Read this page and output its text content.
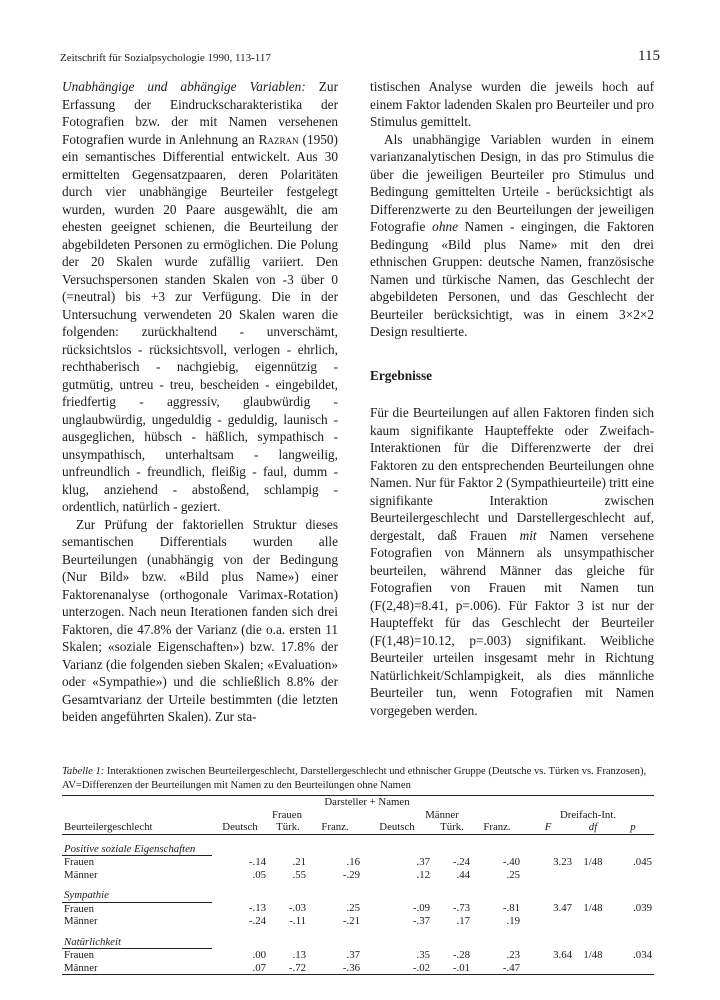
Zeitschrift für Sozialpsychologie 1990, 113-117	115

Unabhängige und abhängige Variablen: Zur Erfassung der Eindruckscharakteristika der Fotografien bzw. der mit Namen versehenen Fotografien wurde in Anlehnung an Razran (1950) ein semantisches Differential entwickelt. Aus 30 ermittelten Gegensatzpaaren, deren Polaritäten durch vier unabhängige Beurteiler festgelegt wurden, wurden 20 Paare ausgewählt, die am ehesten geeignet schienen, die Beurteilung der abgebildeten Personen zu ermöglichen. Die Polung der 20 Skalen wurde zufällig variiert. Den Versuchspersonen standen Skalen von -3 über 0 (=neutral) bis +3 zur Verfügung. Die in der Untersuchung verwendeten 20 Skalen waren die folgenden: zurückhaltend - unverschämt, rücksichtslos - rücksichtsvoll, verlogen - ehrlich, rechthaberisch - nachgiebig, eigennützig - gutmütig, untreu - treu, bescheiden - eingebildet, friedfertig - aggressiv, glaubwürdig - unglaubwürdig, ungeduldig - geduldig, launisch - ausgeglichen, hübsch - häßlich, sympathisch - unsympathisch, unterhaltsam - langweilig, unfreundlich - freundlich, fleißig - faul, dumm - klug, anziehend - abstoßend, schlampig - ordentlich, natürlich - geziert.

Zur Prüfung der faktoriellen Struktur dieses semantischen Differentials wurden alle Beurteilungen (unabhängig von der Bedingung (Nur Bild» bzw. «Bild plus Name») einer Faktorenanalyse (orthogonale Varimax-Rotation) unterzogen. Nach neun Iterationen fanden sich drei Faktoren, die 47.8% der Varianz (die o.a. ersten 11 Skalen; «soziale Eigenschaften») bzw. 17.8% der Varianz (die folgenden sieben Skalen; «Evaluation» oder «Sympathie») und die schließlich 8.8% der Gesamtvarianz der Urteile bestimmten (die letzten beiden angeführten Skalen). Zur sta-

tistischen Analyse wurden die jeweils hoch auf einem Faktor ladenden Skalen pro Beurteiler und pro Stimulus gemittelt.

Als unabhängige Variablen wurden in einem varianzanalytischen Design, in das pro Stimulus die über die jeweiligen Beurteiler pro Stimulus und Bedingung gemittelten Urteile - berücksichtigt als Differenzwerte zu den Beurteilungen der jeweiligen Fotografie ohne Namen - eingingen, die Faktoren Bedingung «Bild plus Name» mit den drei ethnischen Gruppen: deutsche Namen, französische Namen und türkische Namen, das Geschlecht der abgebildeten Personen, und das Geschlecht der Beurteiler berücksichtigt, was in einem 3×2×2 Design resultierte.

Ergebnisse

Für die Beurteilungen auf allen Faktoren finden sich kaum signifikante Haupteffekte oder Zweifach-Interaktionen für die Differenzwerte der drei Faktoren zu den entsprechenden Beurteilungen ohne Namen. Nur für Faktor 2 (Sympathieurteile) tritt eine signifikante Interaktion zwischen Beurteilergeschlecht und Darstellergeschlecht auf, dergestalt, daß Frauen mit Namen versehene Fotografien von Männern als unsympathischer beurteilen, während Männer das gleiche für Fotografien von Frauen mit Namen tun (F(2,48)=8.41, p=.006). Für Faktor 3 ist nur der Haupteffekt für das Geschlecht der Beurteiler (F(1,48)=10.12, p=.003) signifikant. Weibliche Beurteiler urteilen insgesamt mehr in Richtung Natürlichkeit/Schlampigkeit, als dies männliche Beurteiler tun, wenn Fotografien mit Namen vorgegeben werden.

Tabelle 1: Interaktionen zwischen Beurteilergeschlecht, Darstellergeschlecht und ethnischer Gruppe (Deutsche vs. Türken vs. Franzosen), AV=Differenzen der Beurteilungen mit Namen zu den Beurteilungen ohne Namen
	Darsteller + Namen								
	Frauen			Männer			Dreifach-Int.		
Beurteilergeschlecht	Deutsch	Türk.	Franz.	Deutsch	Türk.	Franz.	F	df	p
Positive soziale Eigenschaften									
Frauen	-.14	.21	.16	.37	-.24	-.40	3.23	1/48	.045
Männer	.05	.55	-.29	.12	.44	.25			
Sympathie									
Frauen	-.13	-.03	.25	-.09	-.73	-.81	3.47	1/48	.039
Männer	-.24	-.11	-.21	-.37	.17	.19			
Natürlichkeit									
Frauen	.00	.13	.37	.35	-.28	.23	3.64	1/48	.034
Männer	.07	-.72	-.36	-.02	-.01	-.47			
